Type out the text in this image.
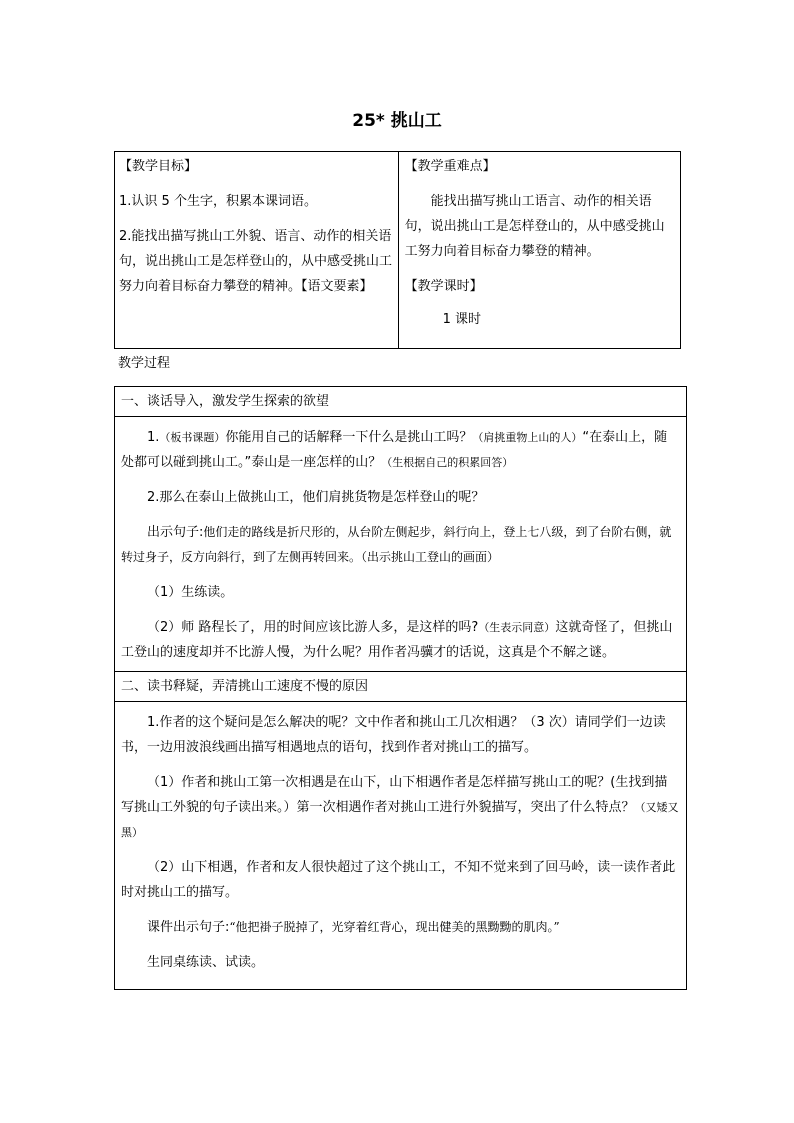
25* 挑山工

【教学目标】

1.认识 5 个生字，积累本课词语。

2.能找出描写挑山工外貌、语言、动作的相关语句，说出挑山工是怎样登山的，从中感受挑山工努力向着目标奋力攀登的精神。【语文要素】

【教学重难点】

能找出描写挑山工语言、动作的相关语句，说出挑山工是怎样登山的，从中感受挑山工努力向着目标奋力攀登的精神。

【教学课时】

1 课时

教学过程

一、谈话导入，激发学生探索的欲望

1.（板书课题）你能用自己的话解释一下什么是挑山工吗？（肩挑重物上山的人）“在泰山上，随处都可以碰到挑山工。”泰山是一座怎样的山？（生根据自己的积累回答）

2.那么在泰山上做挑山工，他们肩挑货物是怎样登山的呢？

出示句子:他们走的路线是折尺形的，从台阶左侧起步，斜行向上，登上七八级，到了台阶右侧，就转过身子，反方向斜行，到了左侧再转回来。（出示挑山工登山的画面）

（1）生练读。

（2）师 路程长了，用的时间应该比游人多，是这样的吗?（生表示同意）这就奇怪了，但挑山工登山的速度却并不比游人慢，为什么呢？用作者冯骥才的话说，这真是个不解之谜。

二、读书释疑，弄清挑山工速度不慢的原因

1.作者的这个疑问是怎么解决的呢？文中作者和挑山工几次相遇？（3 次）请同学们一边读书，一边用波浪线画出描写相遇地点的语句，找到作者对挑山工的描写。

（1）作者和挑山工第一次相遇是在山下，山下相遇作者是怎样描写挑山工的呢？(生找到描写挑山工外貌的句子读出来。）第一次相遇作者对挑山工进行外貌描写，突出了什么特点？（又矮又黑）

（2）山下相遇，作者和友人很快超过了这个挑山工，不知不觉来到了回马岭，读一读作者此时对挑山工的描写。

课件出示句子:“他把褂子脱掉了，光穿着红背心，现出健美的黑黝黝的肌肉。”

生同桌练读、试读。
